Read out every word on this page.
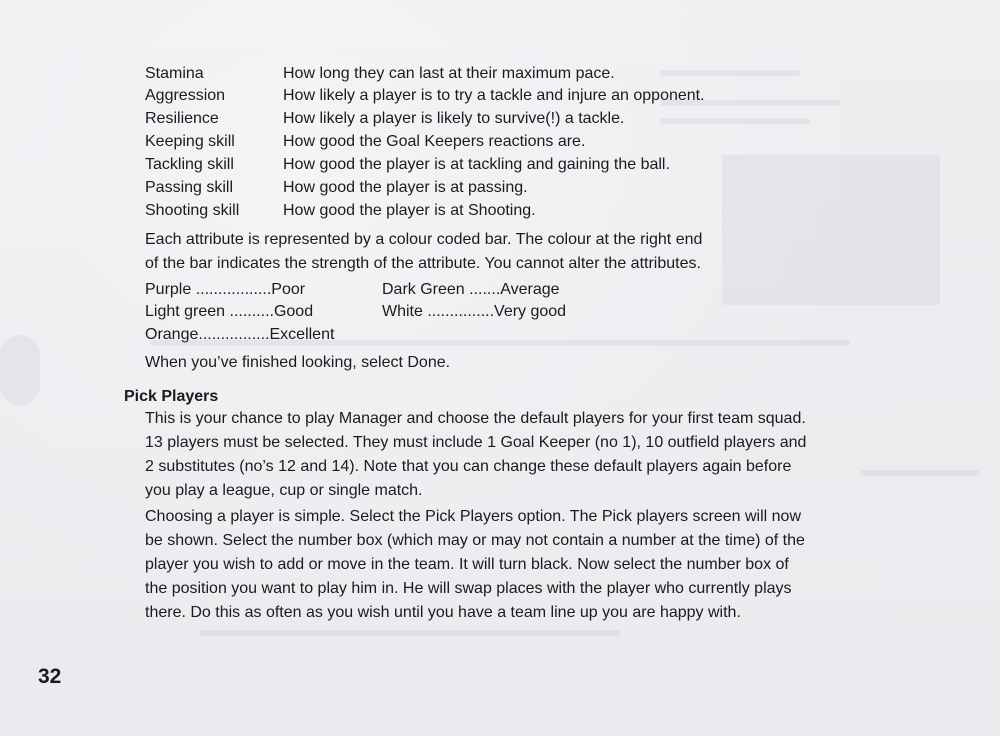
Stamina	How long they can last at their maximum pace.
Aggression	How likely a player is to try a tackle and injure an opponent.
Resilience	How likely a player is likely to survive(!) a tackle.
Keeping skill	How good the Goal Keepers reactions are.
Tackling skill	How good the player is at tackling and gaining the ball.
Passing skill	How good the player is at passing.
Shooting skill	How good the player is at Shooting.
Each attribute is represented by a colour coded bar. The colour at the right end
of the bar indicates the strength of the attribute. You cannot alter the attributes.
Purple .................Poor	Dark Green .......Average
Light green ..........Good	White ...............Very good
Orange................Excellent
When you’ve finished looking, select Done.
Pick Players
This is your chance to play Manager and choose the default players for your first team squad.
13 players must be selected. They must include 1 Goal Keeper (no 1), 10 outfield players and
2 substitutes (no’s 12 and 14). Note that you can change these default players again before
you play a league, cup or single match.
Choosing a player is simple. Select the Pick Players option. The Pick players screen will now
be shown. Select the number box (which may or may not contain a number at the time) of the
player you wish to add or move in the team. It will turn black. Now select the number box of
the position you want to play him in. He will swap places with the player who currently plays
there. Do this as often as you wish until you have a team line up you are happy with.
32
